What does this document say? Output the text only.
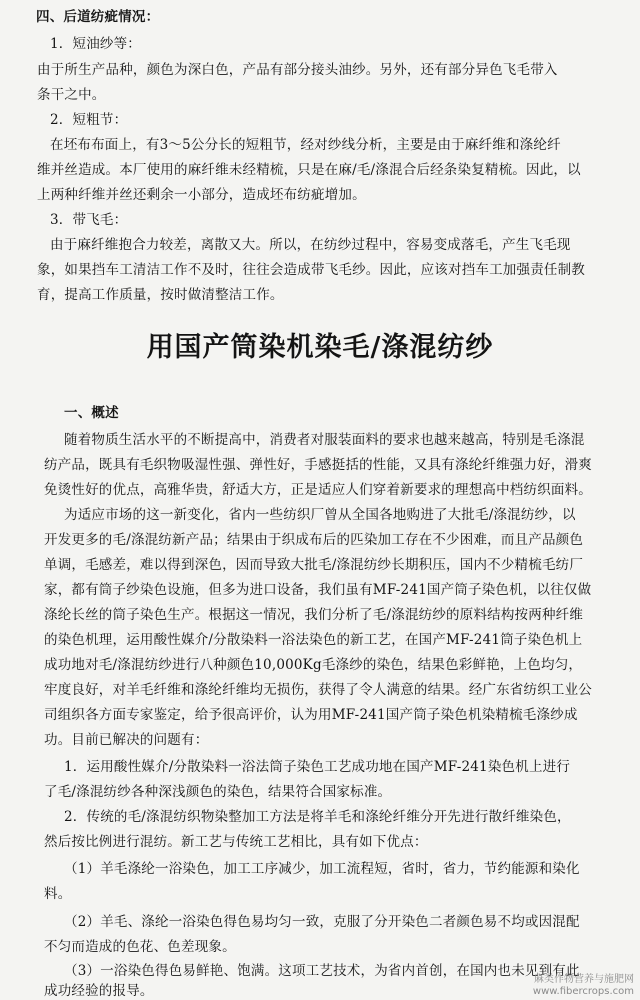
四、后道纺疵情况：
1．短油纱等：
由于所生产品种，颜色为深白色，产品有部分接头油纱。另外，还有部分异色飞毛带入
条干之中。
2．短粗节：
在坯布布面上，有3～5公分长的短粗节，经对纱线分析，主要是由于麻纤维和涤纶纤
维并丝造成。本厂使用的麻纤维未经精梳，只是在麻/毛/涤混合后经条染复精梳。因此，以
上两种纤维并丝还剩余一小部分，造成坯布纺疵增加。
3．带飞毛：
由于麻纤维抱合力较差，离散又大。所以，在纺纱过程中，容易变成落毛，产生飞毛现
象，如果挡车工清洁工作不及时，往往会造成带飞毛纱。因此，应该对挡车工加强责任制教
育，提高工作质量，按时做清整洁工作。
用国产筒染机染毛/涤混纺纱
一、概述
随着物质生活水平的不断提高中，消费者对服装面料的要求也越来越高，特别是毛涤混
纺产品，既具有毛织物吸湿性强、弹性好，手感挺括的性能，又具有涤纶纤维强力好，滑爽
免烫性好的优点，高雅华贵，舒适大方，正是适应人们穿着新要求的理想高中档纺织面料。
为适应市场的这一新变化，省内一些纺织厂曾从全国各地购进了大批毛/涤混纺纱，以
开发更多的毛/涤混纺新产品；结果由于织成布后的匹染加工存在不少困难，而且产品颜色
单调，毛感差，难以得到深色，因而导致大批毛/涤混纺纱长期积压，国内不少精梳毛纺厂
家，都有筒子纱染色设施，但多为进口设备，我们虽有MF-241国产筒子染色机，以往仅做
涤纶长丝的筒子染色生产。根据这一情况，我们分析了毛/涤混纺纱的原料结构按两种纤维
的染色机理，运用酸性媒介/分散染料一浴法染色的新工艺，在国产MF-241筒子染色机上
成功地对毛/涤混纺纱进行八种颜色10,000Kg毛涤纱的染色，结果色彩鲜艳，上色均匀，
牢度良好，对羊毛纤维和涤纶纤维均无损伤，获得了令人满意的结果。经广东省纺织工业公
司组织各方面专家鉴定，给予很高评价，认为用MF-241国产筒子染色机染精梳毛涤纱成
功。目前已解决的问题有：
1．运用酸性媒介/分散染料一浴法筒子染色工艺成功地在国产MF-241染色机上进行
了毛/涤混纺纱各种深浅颜色的染色，结果符合国家标准。
2．传统的毛/涤混纺织物染整加工方法是将羊毛和涤纶纤维分开先进行散纤维染色，
然后按比例进行混纺。新工艺与传统工艺相比，具有如下优点：
（1）羊毛涤纶一浴染色，加工工序减少，加工流程短，省时，省力，节约能源和染化
料。
（2）羊毛、涤纶一浴染色得色易均匀一致，克服了分开染色二者颜色易不均或因混配
不匀而造成的色花、色差现象。
（3）一浴染色得色易鲜艳、饱满。这项工艺技术，为省内首创，在国内也未见到有此
成功经验的报导。
麻类作物营养与施肥网
www.fibercrops.com
